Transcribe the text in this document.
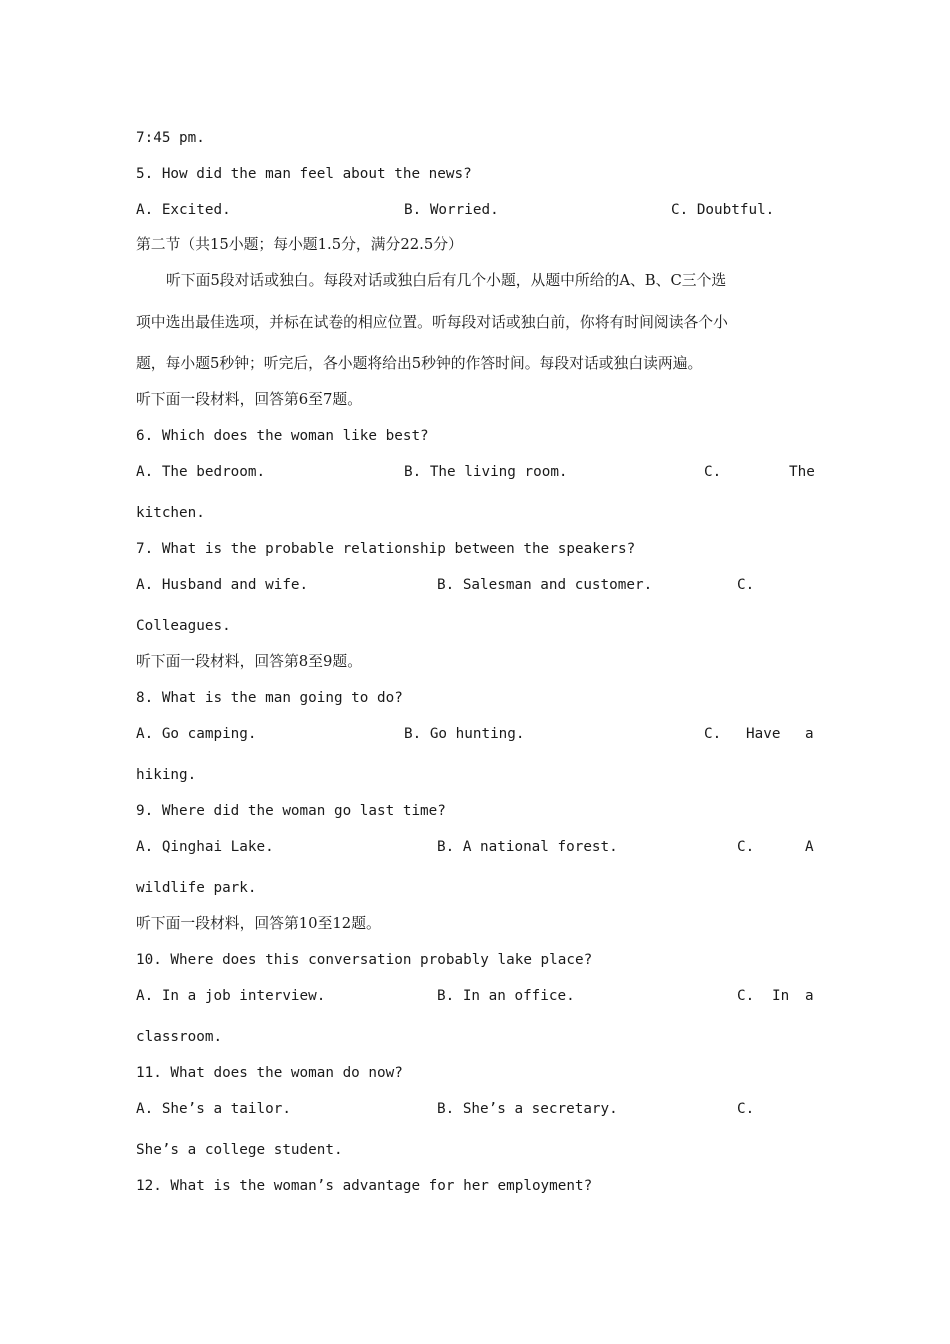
7:45 pm.
5. How did the man feel about the news?
A. Excited.	B. Worried.	C. Doubtful.
第二节（共15小题；每小题1.5分，满分22.5分）
听下面5段对话或独白。每段对话或独白后有几个小题，从题中所给的A、B、C三个选
项中选出最佳选项，并标在试卷的相应位置。听每段对话或独白前，你将有时间阅读各个小
题，每小题5秒钟；听完后，各小题将给出5秒钟的作答时间。每段对话或独白读两遍。
听下面一段材料，回答第6至7题。
6. Which does the woman like best?
A. The bedroom.	B. The living room.	C.	The
kitchen.
7. What is the probable relationship between the speakers?
A. Husband and wife.	B. Salesman and customer.	C.
Colleagues.
听下面一段材料，回答第8至9题。
8. What is the man going to do?
A. Go camping.	B. Go hunting.	C. Have a
hiking.
9. Where did the woman go last time?
A. Qinghai Lake.	B. A national forest.	C.	A
wildlife park.
听下面一段材料，回答第10至12题。
10. Where does this conversation probably lake place?
A. In a job interview.	B. In an office.	C. In a
classroom.
11. What does the woman do now?
A. She’s a tailor.	B. She’s a secretary.	C.
She’s a college student.
12. What is the woman’s advantage for her employment?
